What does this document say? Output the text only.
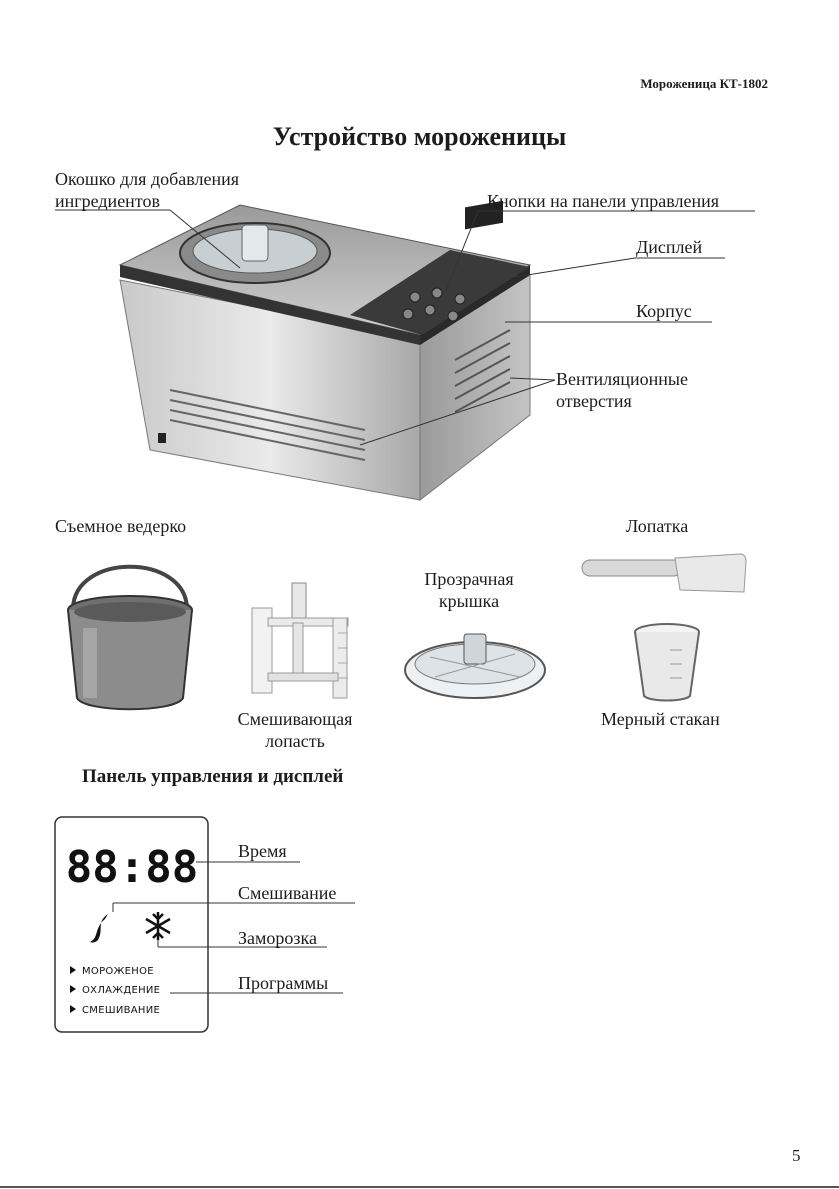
Мороженица КТ-1802
Устройство мороженицы
Окошко для добавления
ингредиентов	Кнопки на панели управления
Дисплей
Корпус
Вентиляционные
отверстия
Съемное ведерко	Лопатка
Прозрачная
крышка
Смешивающая
лопасть
Мерный стакан
Панель управления и дисплей
88:88
МОРОЖЕНОЕ
ОХЛАЖДЕНИЕ
СМЕШИВАНИЕ
Время
Смешивание
Заморозка
Программы
5
